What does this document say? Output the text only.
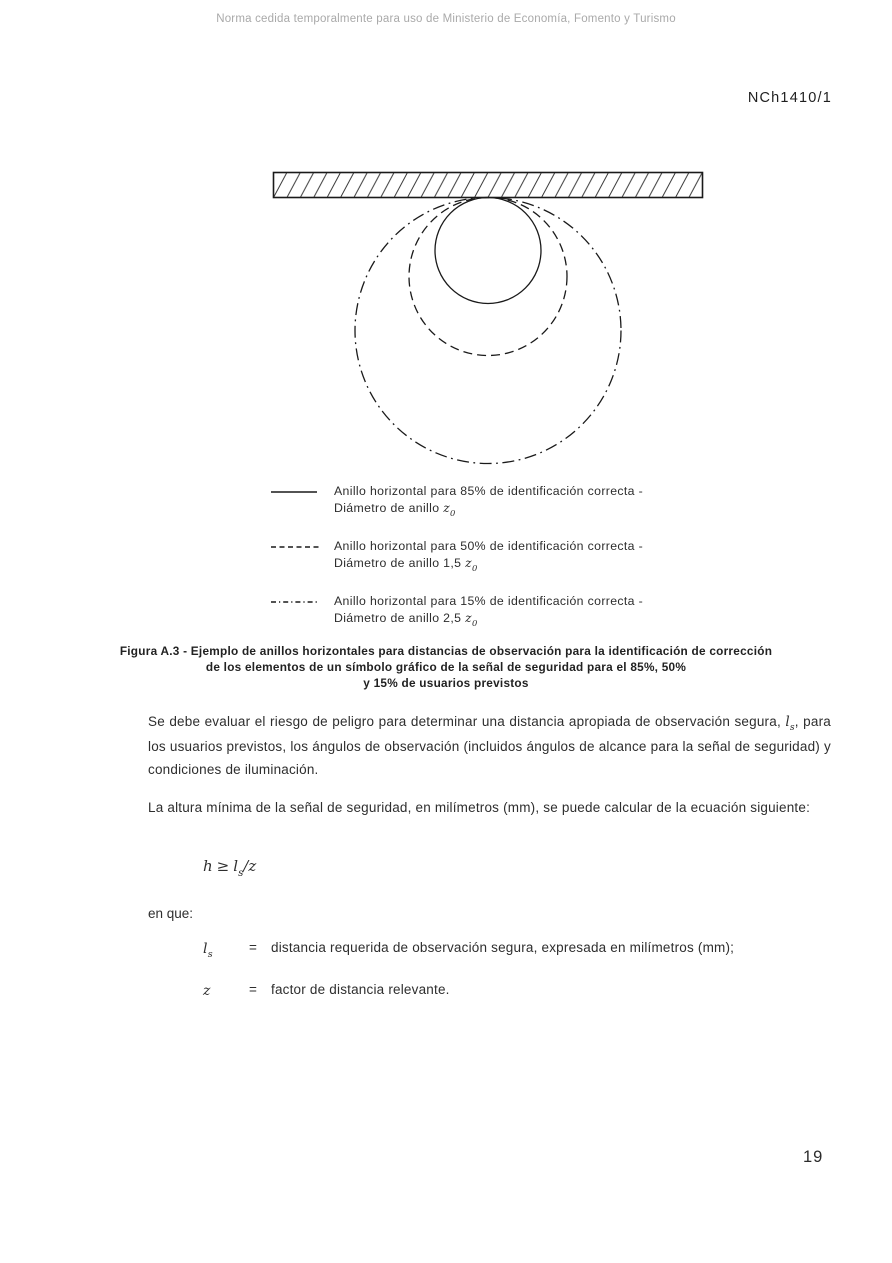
Norma cedida temporalmente para uso de Ministerio de Economía, Fomento y Turismo
NCh1410/1
Anillo horizontal para 85% de identificación correcta -
Diámetro de anillo $z_0$
Anillo horizontal para 50% de identificación correcta -
Diámetro de anillo 1,5 $z_0$
Anillo horizontal para 15% de identificación correcta -
Diámetro de anillo 2,5 $z_0$
Figura A.3 - Ejemplo de anillos horizontales para distancias de observación para la identificación de corrección
de los elementos de un símbolo gráfico de la señal de seguridad para el 85%, 50%
y 15% de usuarios previstos
Se debe evaluar el riesgo de peligro para determinar una distancia apropiada de observación segura, $l_s$, para los usuarios previstos, los ángulos de observación (incluidos ángulos de alcance para la señal de seguridad) y condiciones de iluminación.
La altura mínima de la señal de seguridad, en milímetros (mm), se puede calcular de la ecuación siguiente:
$h \ge l_s/z$
en que:
$l_s$	=	distancia requerida de observación segura, expresada en milímetros (mm);
z	=	factor de distancia relevante.
19
